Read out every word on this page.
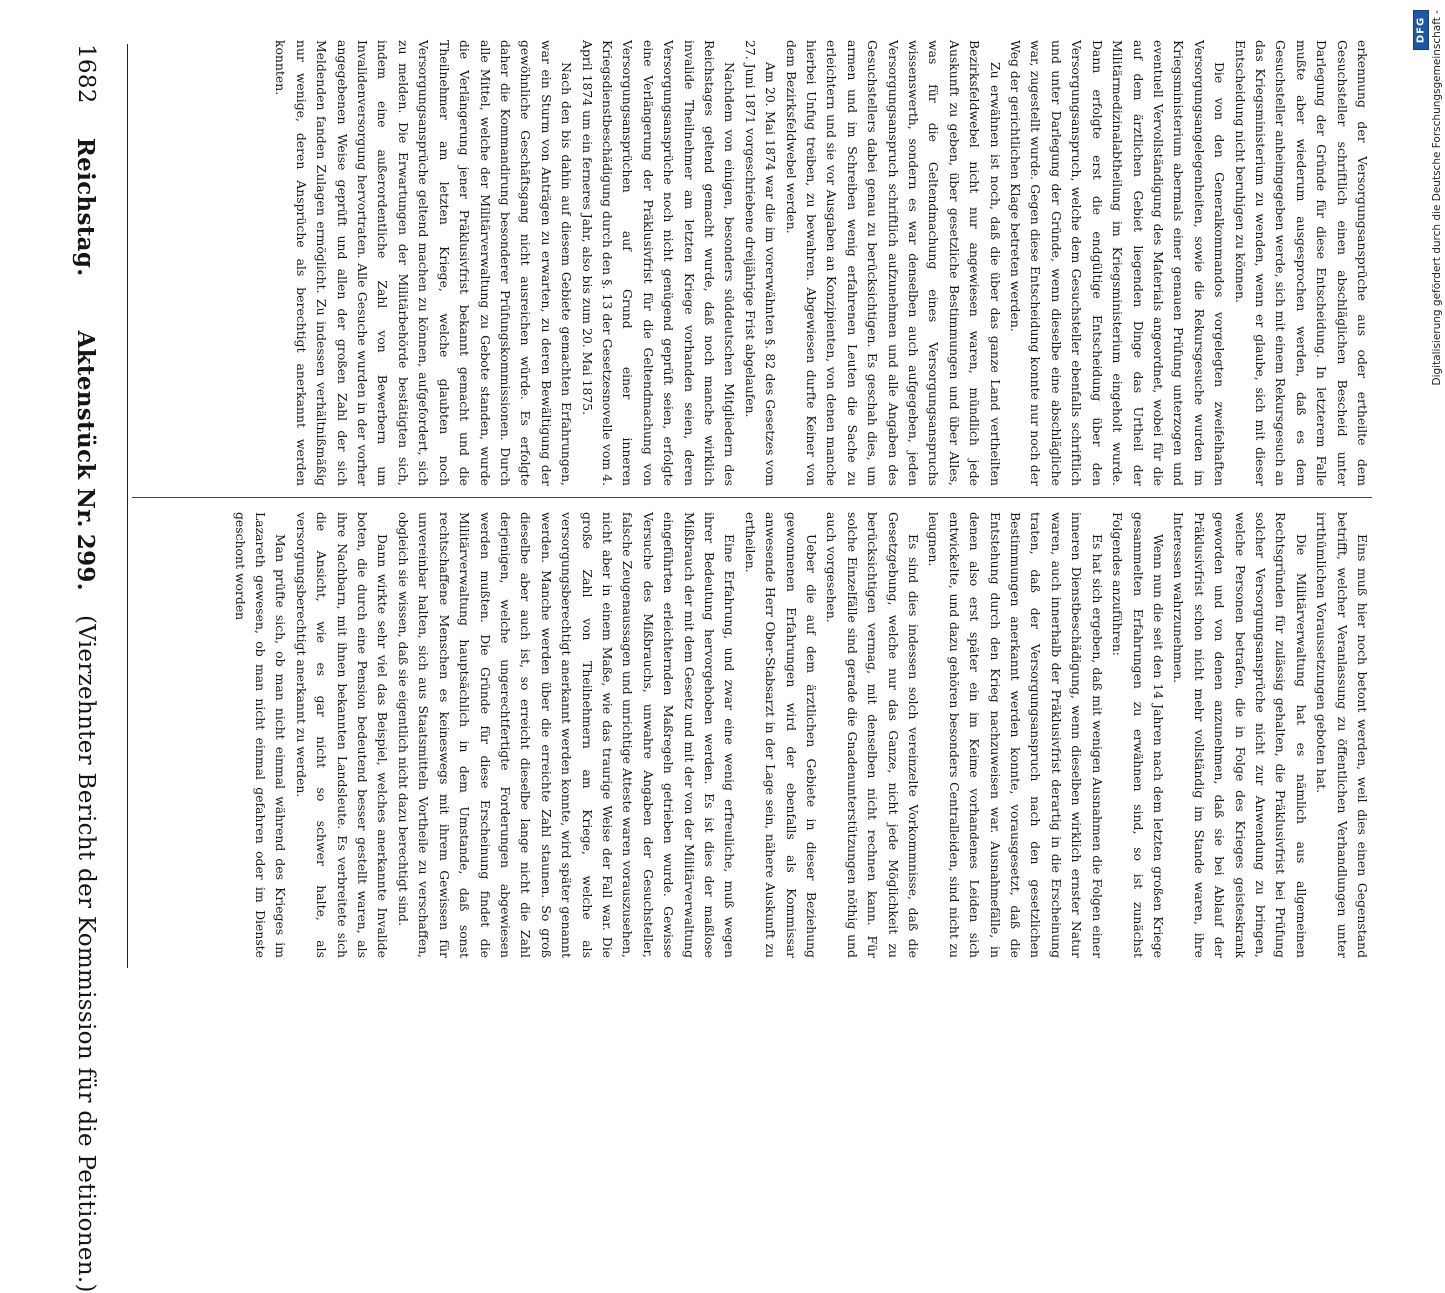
erkennung der Versorgungsansprüche aus oder ertheilte dem Gesuchsteller schriftlich einen abschläglichen Bescheid unter Darlegung der Gründe für diese Entscheidung. In letzterem Falle mußte aber wiederum ausgesprochen werden, daß es dem Gesuchsteller anheimgegeben werde, sich mit einem Rekursgesuch an das Kriegsministerium zu wenden, wenn er glaube, sich mit dieser Entscheidung nicht beruhigen zu können.

Die von den Generalkommandos vorgelegten zweifelhaften Versorgungsangelegenheiten, sowie die Rekursgesuche wurden im Kriegsministerium abermals einer genauen Prüfung unterzogen und eventuell Vervollständigung des Materials angeordnet, wobei für die auf dem ärztlichen Gebiet liegenden Dinge das Urtheil der Militärmedizinalabtheilung im Kriegsministerium eingeholt wurde. Dann erfolgte erst die endgültige Entscheidung über den Versorgungsanspruch, welche dem Gesuchsteller ebenfalls schriftlich und unter Darlegung der Gründe, wenn dieselbe eine abschlägliche war, zugestellt wurde. Gegen diese Entscheidung konnte nur noch der Weg der gerichtlichen Klage betreten werden.

Zu erwähnen ist noch, daß die über das ganze Land vertheilten Bezirksfeldwebel nicht nur angewiesen waren, mündlich jede Auskunft zu geben, über gesetzliche Bestimmungen und über Alles, was für die Geltendmachung eines Versorgungsanspruchs wissenswerth, sondern es war denselben auch aufgegeben, jeden Versorgungsanspruch schriftlich aufzunehmen und alle Angaben des Gesuchstellers dabei genau zu berücksichtigen. Es geschah dies, um armen und im Schreiben wenig erfahrenen Leuten die Sache zu erleichtern und sie vor Ausgaben an Konzipienten, von denen manche hierbei Unfug treiben, zu bewahren. Abgewiesen durfte Keiner von dem Bezirksfeldwebel werden.

Am 20. Mai 1874 war die im vorerwähnten §. 82 des Gesetzes vom 27. Juni 1871 vorgeschriebene dreijährige Frist abgelaufen.

Nachdem von einigen, besonders süddeutschen Mitgliedern des Reichstages geltend gemacht wurde, daß noch manche wirklich invalide Theilnehmer am letzten Kriege vorhanden seien, deren Versorgungsansprüche noch nicht genügend geprüft seien, erfolgte eine Verlängerung der Präklusivfrist für die Geltendmachung von Versorgungsansprüchen auf Grund einer inneren Kriegsdienstbeschädigung durch den §. 13 der Gesetzesnovelle vom 4. April 1874 um ein ferneres Jahr, also bis zum 20. Mai 1875.

Nach den bis dahin auf diesem Gebiete gemachten Erfahrungen, war ein Sturm von Anträgen zu erwarten, zu deren Bewältigung der gewöhnliche Geschäftsgang nicht ausreichen würde. Es erfolgte daher die Kommandirung besonderer Prüfungskommissionen. Durch alle Mittel, welche der Militärverwaltung zu Gebote standen, wurde die Verlängerung jener Präklusivfrist bekannt gemacht und die Theilnehmer am letzten Kriege, welche glaubten noch Versorgungsansprüche geltend machen zu können, aufgefordert, sich zu melden. Die Erwartungen der Militärbehörde bestätigten sich, indem eine außerordentliche Zahl von Bewerbern um Invalidenversorgung hervortraten. Alle Gesuche wurden in der vorher angegebenen Weise geprüft und allen der großen Zahl der sich Meldenden fanden Zulagen ermöglicht. Zu indessen verhältnißmäßig nur wenige, deren Ansprüche als berechtigt anerkannt werden konnten.

Eins muß hier noch betont werden, weil dies einen Gegenstand betrifft, welcher Veranlassung zu öffentlichen Verhandlungen unter irrthümlichen Voraussetzungen geboten hat.

Die Militärverwaltung hat es nämlich aus allgemeinen Rechtsgründen für zulässig gehalten, die Präklusivfrist bei Prüfung solcher Versorgungsansprüche nicht zur Anwendung zu bringen, welche Personen betrafen, die in Folge des Krieges geisteskrank geworden und von denen anzunehmen, daß sie bei Ablauf der Präklusivfrist schon nicht mehr vollständig im Stande waren, ihre Interessen wahrzunehmen.

Wenn nun die seit den 14 Jahren nach dem letzten großen Kriege gesammelten Erfahrungen zu erwähnen sind, so ist zunächst Folgendes anzuführen:

Es hat sich ergeben, daß mit wenigen Ausnahmen die Folgen einer inneren Dienstbeschädigung, wenn dieselben wirklich ernster Natur waren, auch innerhalb der Präklusivfrist derartig in die Erscheinung traten, daß der Versorgungsanspruch nach den gesetzlichen Bestimmungen anerkannt werden konnte, vorausgesetzt, daß die Entstehung durch den Krieg nachzuweisen war. Ausnahmefälle, in denen also erst später ein im Keime vorhandenes Leiden sich entwickelte, und dazu gehören besonders Centralleiden, sind nicht zu leugnen.

Es sind dies indessen solch vereinzelte Vorkommnisse, daß die Gesetzgebung, welche nur das Ganze, nicht jede Möglichkeit zu berücksichtigen vermag, mit denselben nicht rechnen kann. Für solche Einzelfälle sind gerade die Gnadenunterstützungen nöthig und auch vorgesehen.

Ueber die auf dem ärztlichen Gebiete in dieser Beziehung gewonnenen Erfahrungen wird der ebenfalls als Kommissar anwesende Herr Ober-Stabsarzt in der Lage sein, nähere Auskunft zu ertheilen.

Eine Erfahrung, und zwar eine wenig erfreuliche, muß wegen ihrer Bedeutung hervorgehoben werden. Es ist dies der maßlose Mißbrauch der mit dem Gesetz und mit der von der Militärverwaltung eingeführten erleichternden Maßregeln getrieben wurde. Gewisse Versuche des Mißbrauchs, unwahre Angaben der Gesuchsteller, falsche Zeugenaussagen und unrichtige Atteste waren vorauszusehen, nicht aber in einem Maße, wie das traurige Weise der Fall war. Die große Zahl von Theilnehmern am Kriege, welche als versorgungsberechtigt anerkannt werden konnte, wird später genannt werden. Manche werden über die erreichte Zahl staunen. So groß dieselbe aber auch ist, so erreicht dieselbe lange nicht die Zahl derjenigen, welche ungerechtfertigte Forderungen abgewiesen werden mußten. Die Gründe für diese Erscheinung findet die Militärverwaltung hauptsächlich in dem Umstande, daß sonst rechtschaffene Menschen es keineswegs mit ihrem Gewissen für unvereinbar halten, sich aus Staatsmitteln Vortheile zu verschaffen, obgleich sie wissen, daß sie eigentlich nicht dazu berechtigt sind.

Dann wirkte sehr viel das Beispiel, welches anerkannte Invalide boten, die durch eine Pension bedeutend besser gestellt waren, als ihre Nachbarn, mit ihnen bekannten Landsleute. Es verbreitete sich die Ansicht, wie es gar nicht so schwer halte, als versorgungsberechtigt anerkannt zu werden.

Man prüfte sich, ob man nicht einmal während des Krieges im Lazareth gewesen, ob man nicht einmal gefahren oder im Dienste geschont worden

1682
Reichstag.
Aktenstück Nr.
299.
(Vierzehnter Bericht der Kommission für die Petitionen.)
DFG Digitalisierung gefördert durch die Deutsche Forschungsgemeinschaft -
